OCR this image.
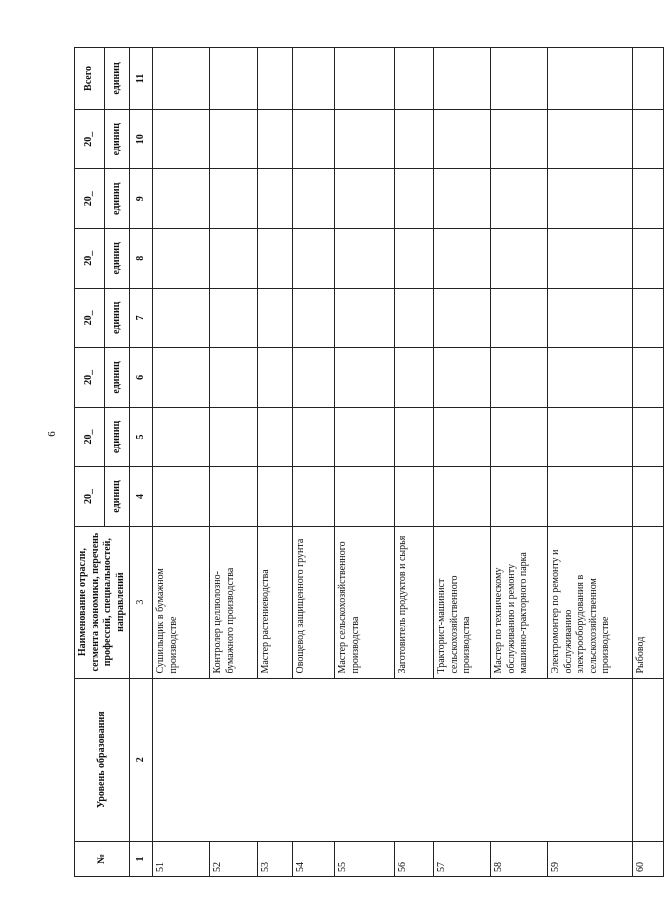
6
№	Уровень образования	Наименование отрасли, сегмента экономики, перечень профессий, специальностей, направлений	20_	20_	20_	20_	20_	20_	20_	Всего
			единиц	единиц	единиц	единиц	единиц	единиц	единиц	единиц
1	2	3	4	5	6	7	8	9	10	11
51		Сушильщик в бумажном производстве								
52		Контролер целлюлозно-бумажного производства								
53		Мастер растениеводства								
54		Овощевод защищенного грунта								
55		Мастер сельскохозяйственного производства								
56		Заготовитель продуктов и сырья								
57		Тракторист-машинист сельскохозяйственного производства								
58		Мастер по техническому обслуживанию и ремонту машинно-тракторного парка								
59		Электромонтер по ремонту и обслуживанию электрооборудования в сельскохозяйственном производстве								
60		Рыбовод								
